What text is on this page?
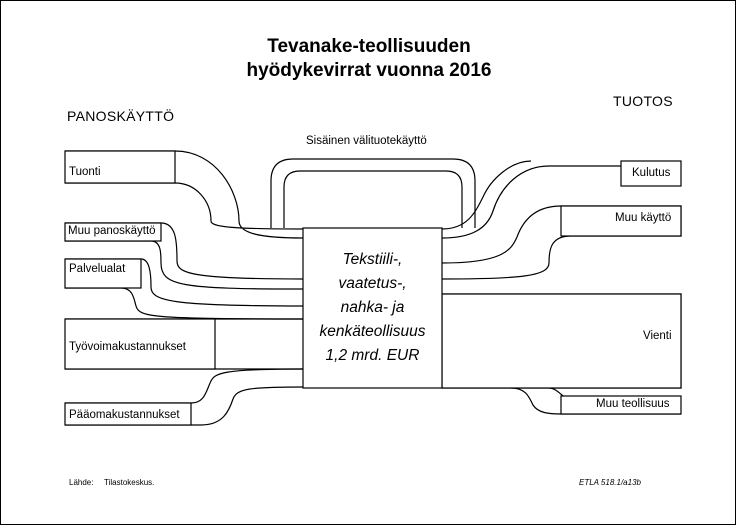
Tevanake-teollisuuden
hyödykevirrat vuonna 2016
PANOSKÄYTTÖ
TUOTOS
Sisäinen välituotekäyttö
Tuonti
Muu panoskäyttö
Palvelualat
Työvoimakustannukset
Pääomakustannukset
Kulutus
Muu käyttö
Vienti
Muu teollisuus
Tekstiili-,
vaatetus-,
nahka- ja
kenkäteollisuus
1,2 mrd. EUR
Lähde: Tilastokeskus.	ETLA 518.1/a13b
